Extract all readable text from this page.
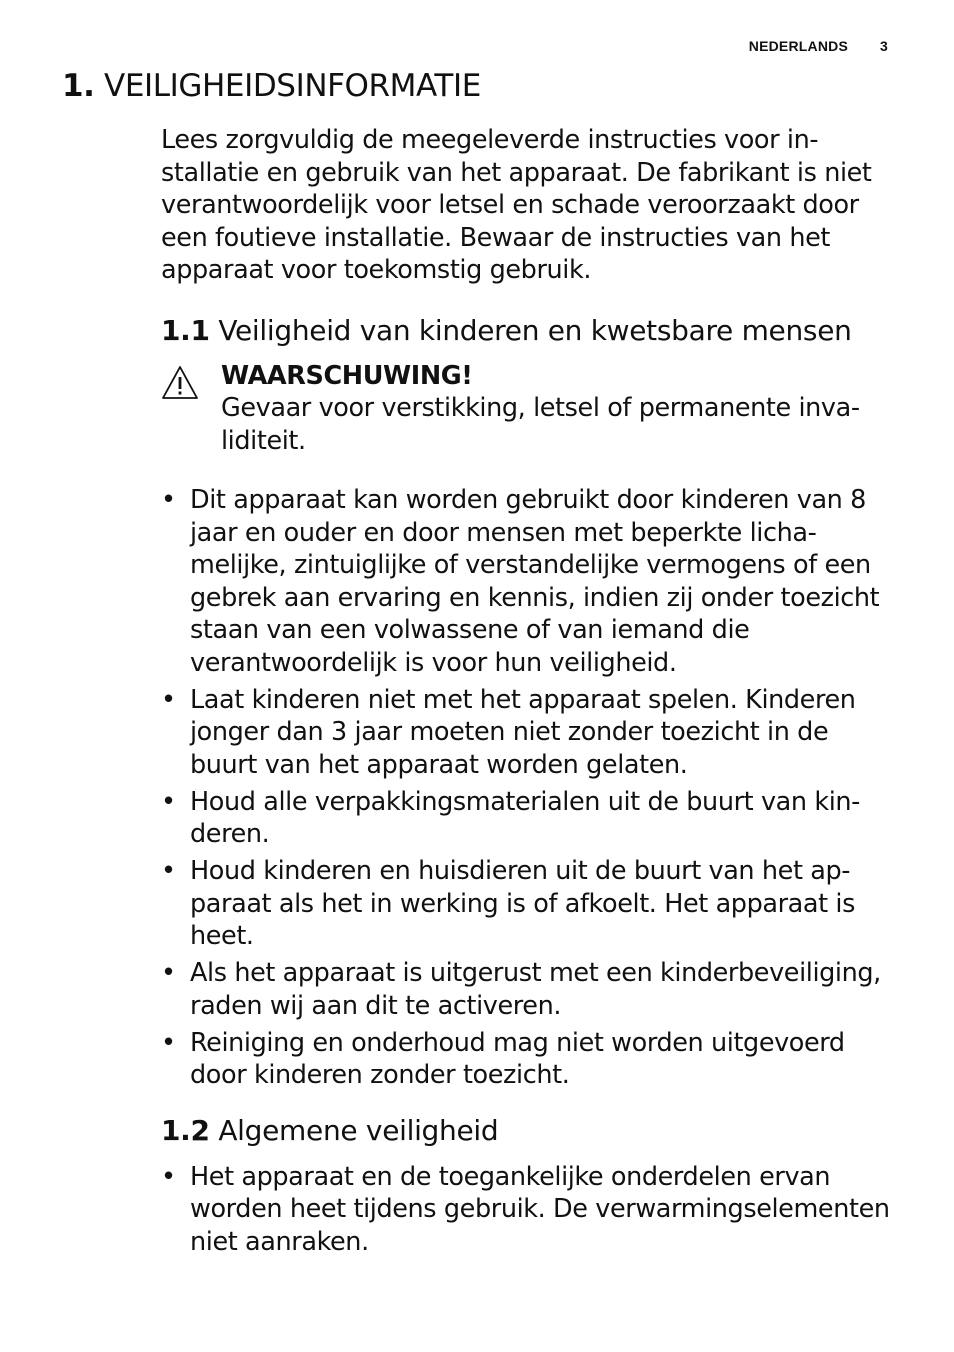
NEDERLANDS 3
1. VEILIGHEIDSINFORMATIE

Lees zorgvuldig de meegeleverde instructies voor installatie en gebruik van het apparaat. De fabrikant is niet verantwoordelijk voor letsel en schade veroorzaakt door een foutieve installatie. Bewaar de instructies van het apparaat voor toekomstig gebruik.

1.1 Veiligheid van kinderen en kwetsbare mensen
WAARSCHUWING!
Gevaar voor verstikking, letsel of permanente invaliditeit.
• Dit apparaat kan worden gebruikt door kinderen van 8 jaar en ouder en door mensen met beperkte lichamelijke, zintuiglijke of verstandelijke vermogens of een gebrek aan ervaring en kennis, indien zij onder toezicht staan van een volwassene of van iemand die verantwoordelijk is voor hun veiligheid.
• Laat kinderen niet met het apparaat spelen. Kinderen jonger dan 3 jaar moeten niet zonder toezicht in de buurt van het apparaat worden gelaten.
• Houd alle verpakkingsmaterialen uit de buurt van kinderen.
• Houd kinderen en huisdieren uit de buurt van het apparaat als het in werking is of afkoelt. Het apparaat is heet.
• Als het apparaat is uitgerust met een kinderbeveiliging, raden wij aan dit te activeren.
• Reiniging en onderhoud mag niet worden uitgevoerd door kinderen zonder toezicht.
1.2 Algemene veiligheid
• Het apparaat en de toegankelijke onderdelen ervan worden heet tijdens gebruik. De verwarmingselementen niet aanraken.
